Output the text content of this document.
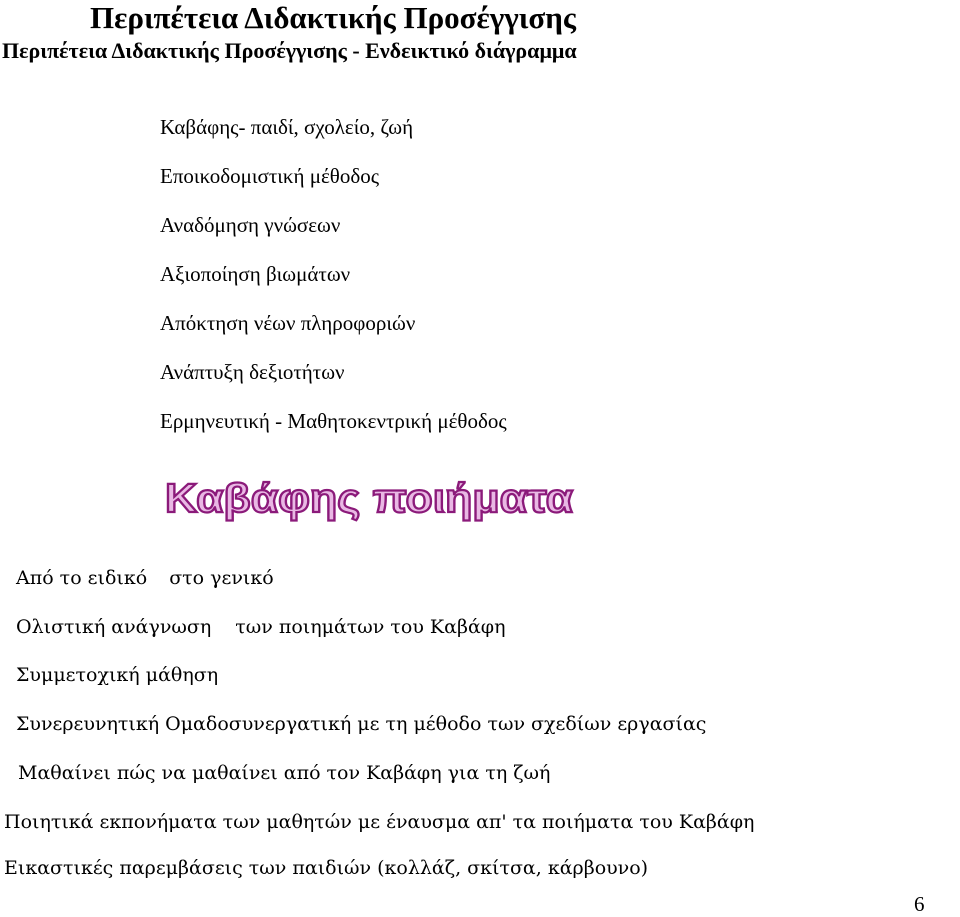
Περιπέτεια Διδακτικής Προσέγγισης
Περιπέτεια Διδακτικής Προσέγγισης - Ενδεικτικό διάγραμμα
Καβάφης- παιδί, σχολείο, ζωή
Εποικοδομιστική μέθοδος
Αναδόμηση γνώσεων
Αξιοποίηση βιωμάτων
Απόκτηση νέων πληροφοριών
Ανάπτυξη δεξιοτήτων
Ερμηνευτική - Μαθητοκεντρική μέθοδος
Καβάφης ποιήματα
Από το ειδικό στο γενικό
Ολιστική ανάγνωση των ποιημάτων του Καβάφη
Συμμετοχική μάθηση
Συνερευνητική Ομαδοσυνεργατική με τη μέθοδο των σχεδίων εργασίας
Μαθαίνει πώς να μαθαίνει από τον Καβάφη για τη ζωή
Ποιητικά εκπονήματα των μαθητών με έναυσμα απ' τα ποιήματα του Καβάφη
Εικαστικές παρεμβάσεις των παιδιών (κολλάζ, σκίτσα, κάρβουνο)
6
